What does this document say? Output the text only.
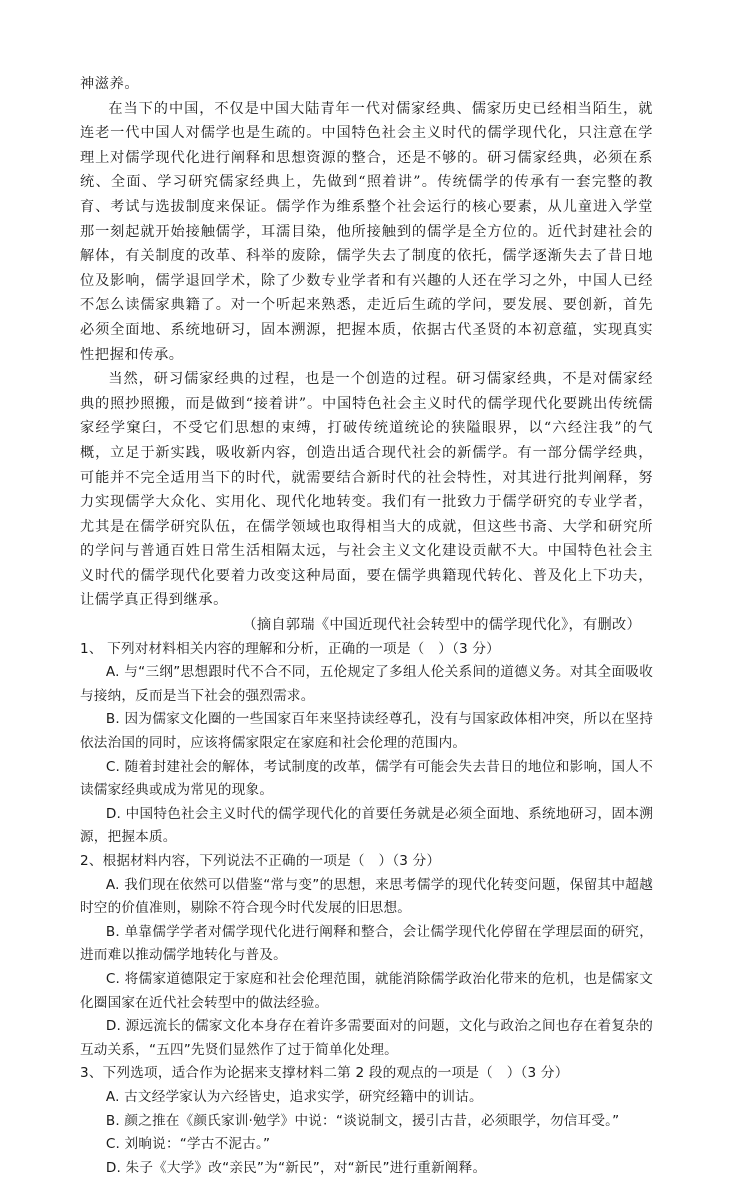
神滋养。

在当下的中国，不仅是中国大陆青年一代对儒家经典、儒家历史已经相当陌生，就连老一代中国人对儒学也是生疏的。中国特色社会主义时代的儒学现代化，只注意在学理上对儒学现代化进行阐释和思想资源的整合，还是不够的。研习儒家经典，必须在系统、全面、学习研究儒家经典上，先做到“照着讲”。传统儒学的传承有一套完整的教育、考试与选拔制度来保证。儒学作为维系整个社会运行的核心要素，从儿童进入学堂那一刻起就开始接触儒学，耳濡目染，他所接触到的儒学是全方位的。近代封建社会的解体，有关制度的改革、科举的废除，儒学失去了制度的依托，儒学逐渐失去了昔日地位及影响，儒学退回学术，除了少数专业学者和有兴趣的人还在学习之外，中国人已经不怎么读儒家典籍了。对一个听起来熟悉，走近后生疏的学问，要发展、要创新，首先必须全面地、系统地研习，固本溯源，把握本质，依据古代圣贤的本初意蕴，实现真实性把握和传承。

当然，研习儒家经典的过程，也是一个创造的过程。研习儒家经典，不是对儒家经典的照抄照搬，而是做到“接着讲”。中国特色社会主义时代的儒学现代化要跳出传统儒家经学窠臼，不受它们思想的束缚，打破传统道统论的狭隘眼界，以“六经注我”的气概，立足于新实践，吸收新内容，创造出适合现代社会的新儒学。有一部分儒学经典，可能并不完全适用当下的时代，就需要结合新时代的社会特性，对其进行批判阐释，努力实现儒学大众化、实用化、现代化地转变。我们有一批致力于儒学研究的专业学者，尤其是在儒学研究队伍，在儒学领域也取得相当大的成就，但这些书斋、大学和研究所的学问与普通百姓日常生活相隔太远，与社会主义文化建设贡献不大。中国特色社会主义时代的儒学现代化要着力改变这种局面，要在儒学典籍现代转化、普及化上下功夫，让儒学真正得到继承。

（摘自郭瑞《中国近现代社会转型中的儒学现代化》，有删改）

1、 下列对材料相关内容的理解和分析，正确的一项是（　）（3 分）

A. 与“三纲”思想跟时代不合不同，五伦规定了多组人伦关系间的道德义务。对其全面吸收与接纳，反而是当下社会的强烈需求。

B. 因为儒家文化圈的一些国家百年来坚持读经尊孔，没有与国家政体相冲突，所以在坚持依法治国的同时，应该将儒家限定在家庭和社会伦理的范围内。

C. 随着封建社会的解体，考试制度的改革，儒学有可能会失去昔日的地位和影响，国人不读儒家经典或成为常见的现象。

D. 中国特色社会主义时代的儒学现代化的首要任务就是必须全面地、系统地研习，固本溯源，把握本质。

2、根据材料内容，下列说法不正确的一项是（　）（3 分）

A. 我们现在依然可以借鉴“常与变”的思想，来思考儒学的现代化转变问题，保留其中超越时空的价值准则，剔除不符合现今时代发展的旧思想。

B. 单靠儒学学者对儒学现代化进行阐释和整合，会让儒学现代化停留在学理层面的研究，进而难以推动儒学地转化与普及。

C. 将儒家道德限定于家庭和社会伦理范围，就能消除儒学政治化带来的危机，也是儒家文化圈国家在近代社会转型中的做法经验。

D. 源远流长的儒家文化本身存在着许多需要面对的问题，文化与政治之间也存在着复杂的互动关系，“五四”先贤们显然作了过于简单化处理。

3、下列选项，适合作为论据来支撑材料二第 2 段的观点的一项是（　）（3 分）

A. 古文经学家认为六经皆史，追求实学，研究经籍中的训诂。

B. 颜之推在《颜氏家训·勉学》中说：“谈说制文，援引古昔，必须眼学，勿信耳受。”

C. 刘晌说：“学古不泥古。”

D. 朱子《大学》改“亲民”为“新民”，对“新民”进行重新阐释。
